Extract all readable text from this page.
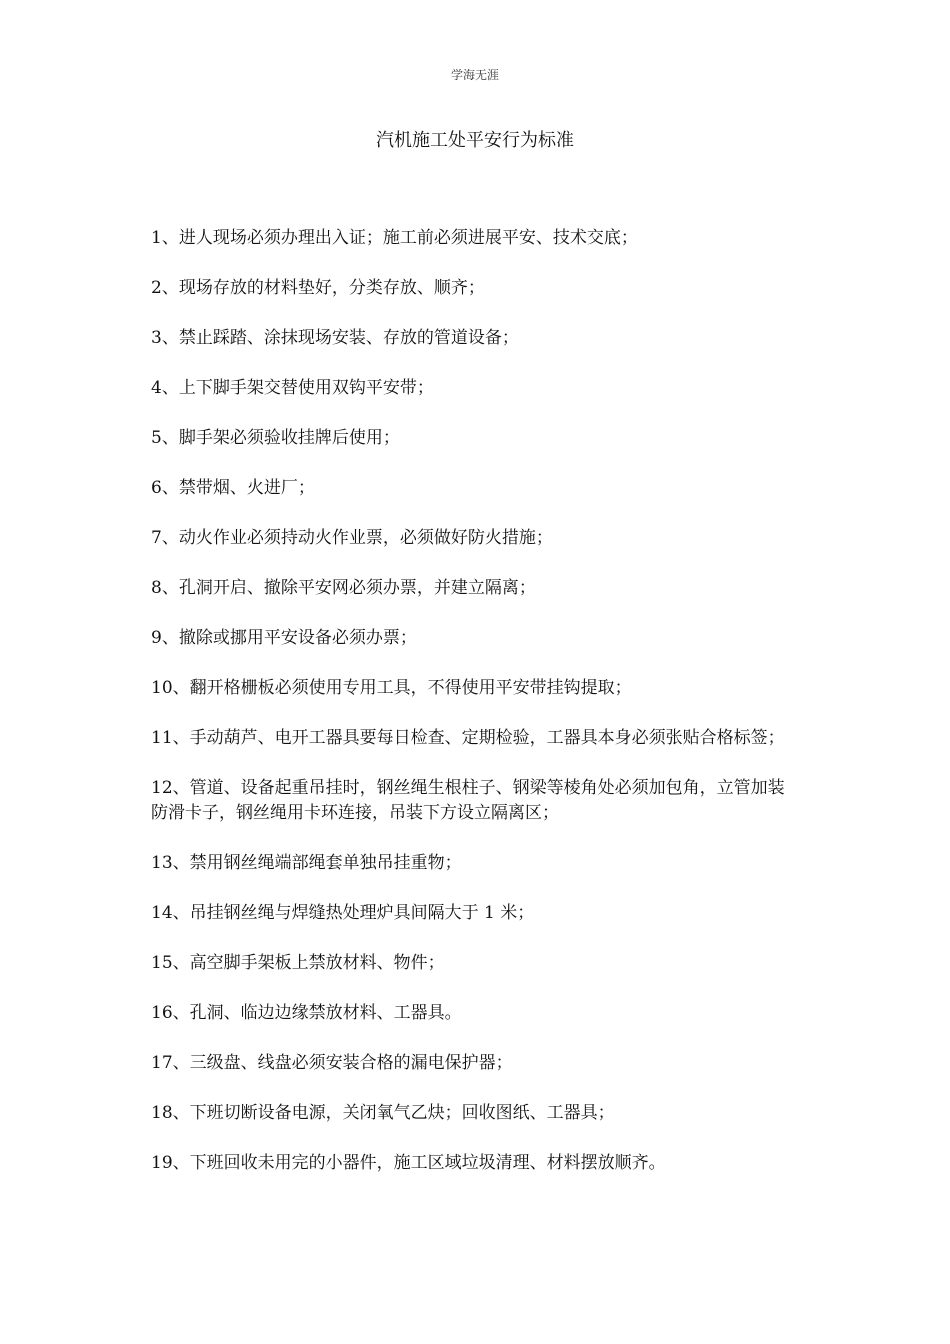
学海无涯
汽机施工处平安行为标准
1、进人现场必须办理出入证；施工前必须进展平安、技术交底；
2、现场存放的材料垫好，分类存放、顺齐；
3、禁止踩踏、涂抹现场安装、存放的管道设备；
4、上下脚手架交替使用双钩平安带；
5、脚手架必须验收挂牌后使用；
6、禁带烟、火进厂；
7、动火作业必须持动火作业票，必须做好防火措施；
8、孔洞开启、撤除平安网必须办票，并建立隔离；
9、撤除或挪用平安设备必须办票；
10、翻开格栅板必须使用专用工具，不得使用平安带挂钩提取；
11、手动葫芦、电开工器具要每日检查、定期检验，工器具本身必须张贴合格标签；
12、管道、设备起重吊挂时，钢丝绳生根柱子、钢梁等棱角处必须加包角，立管加装防滑卡子，钢丝绳用卡环连接，吊装下方设立隔离区；
13、禁用钢丝绳端部绳套单独吊挂重物；
14、吊挂钢丝绳与焊缝热处理炉具间隔大于 1 米；
15、高空脚手架板上禁放材料、物件；
16、孔洞、临边边缘禁放材料、工器具。
17、三级盘、线盘必须安装合格的漏电保护器；
18、下班切断设备电源，关闭氧气乙炔；回收图纸、工器具；
19、下班回收未用完的小器件，施工区域垃圾清理、材料摆放顺齐。
